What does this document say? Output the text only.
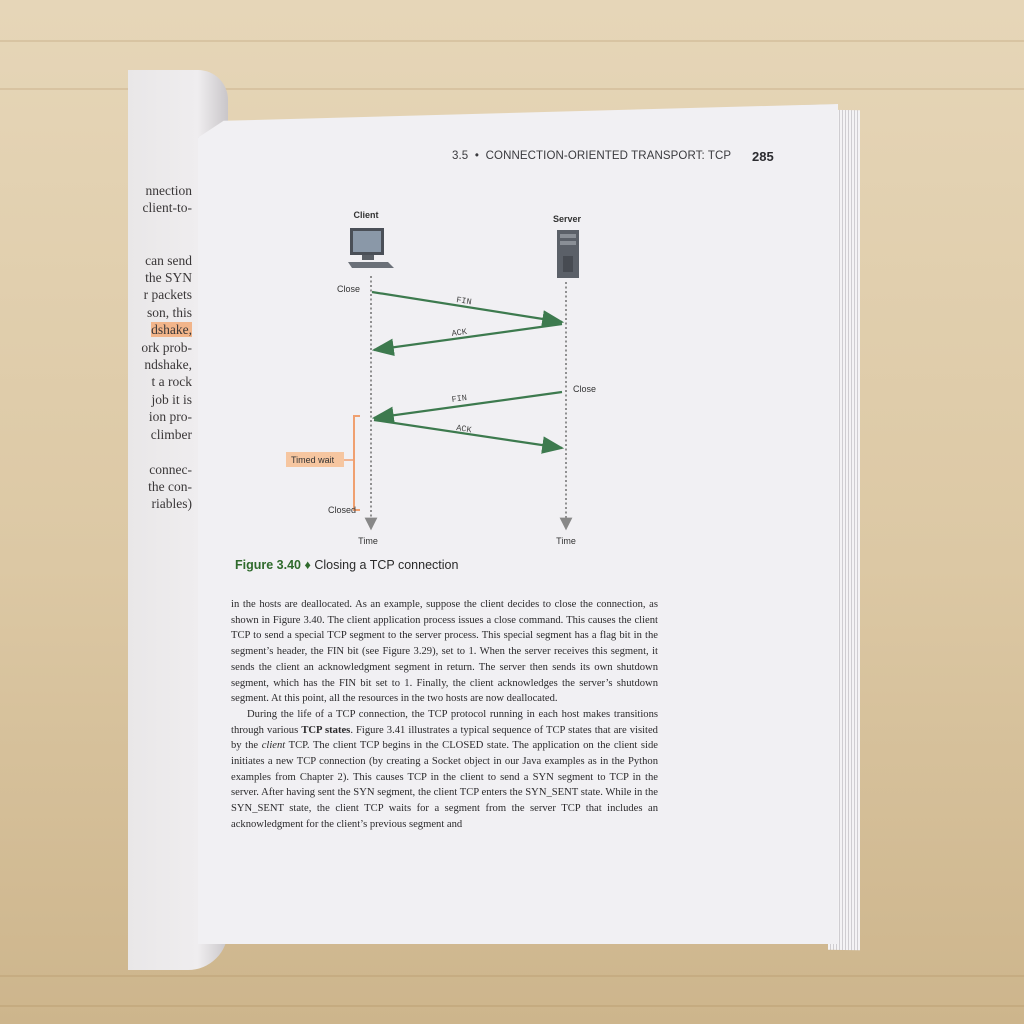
nnection
client-to-

can send
the SYN
r packets
son, this
dshake,
ork prob-
ndshake,
t a rock
job it is
ion pro-
climber

connec-
the con-
riables)
3.5 • CONNECTION-ORIENTED TRANSPORT: TCP 285
Client	Server
FIN
ACK
FIN
ACK
Close
Close
Timed wait
Closed
Time	Time
Figure 3.40 ♦ Closing a TCP connection

in the hosts are deallocated. As an example, suppose the client decides to close the connection, as shown in Figure 3.40. The client application process issues a close command. This causes the client TCP to send a special TCP segment to the server process. This special segment has a flag bit in the segment’s header, the FIN bit (see Figure 3.29), set to 1. When the server receives this segment, it sends the client an acknowledgment segment in return. The server then sends its own shutdown segment, which has the FIN bit set to 1. Finally, the client acknowledges the server’s shutdown segment. At this point, all the resources in the two hosts are now deallocated.

During the life of a TCP connection, the TCP protocol running in each host makes transitions through various TCP states. Figure 3.41 illustrates a typical sequence of TCP states that are visited by the client TCP. The client TCP begins in the CLOSED state. The application on the client side initiates a new TCP connection (by creating a Socket object in our Java examples as in the Python examples from Chapter 2). This causes TCP in the client to send a SYN segment to TCP in the server. After having sent the SYN segment, the client TCP enters the SYN_SENT state. While in the SYN_SENT state, the client TCP waits for a segment from the server TCP that includes an acknowledgment for the client’s previous segment and
